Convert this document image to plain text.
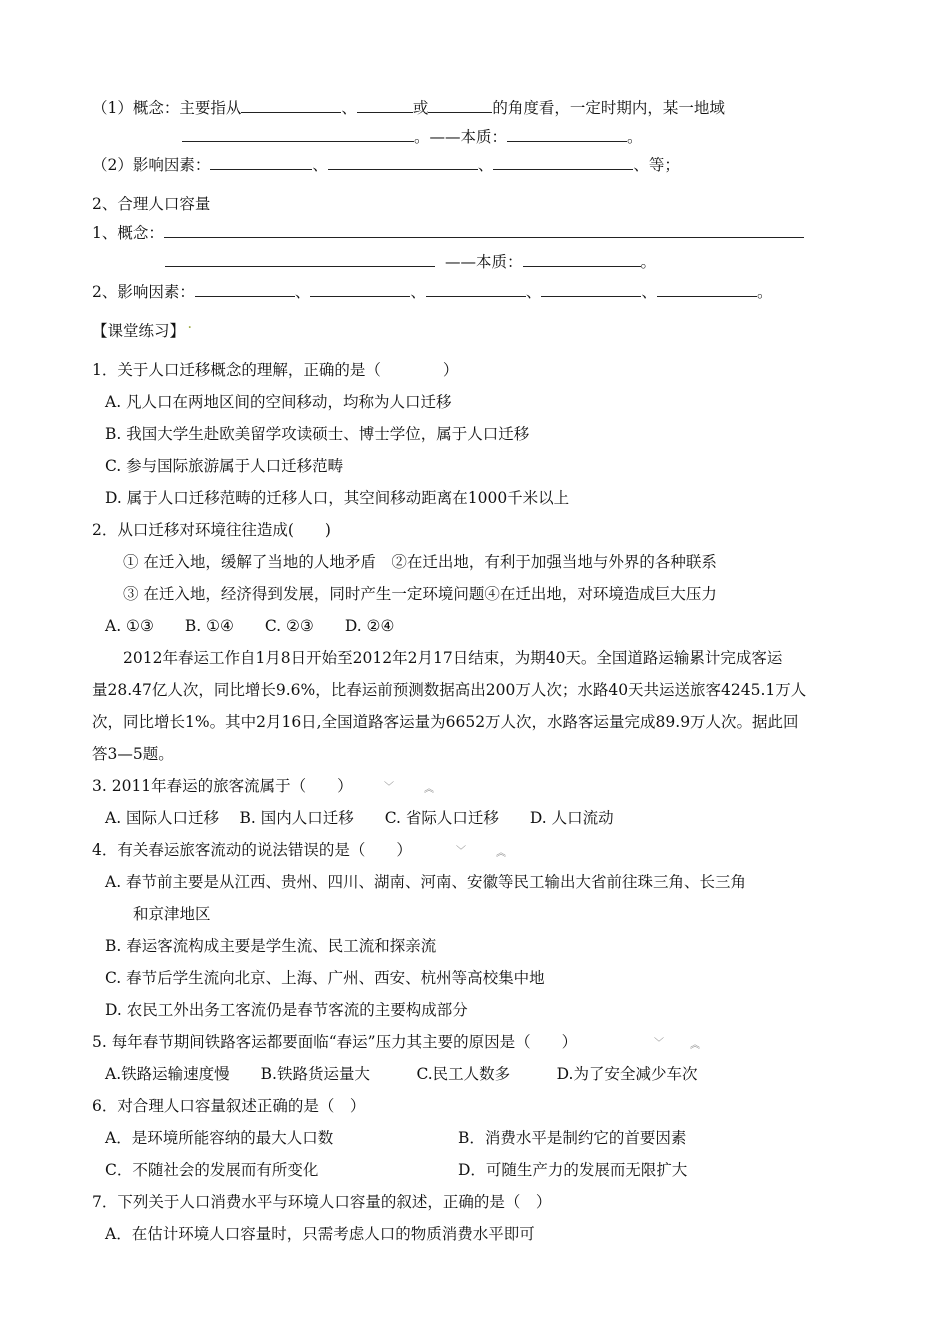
（1）概念：主要指从	、	或	的角度看，一定时期内，某一地域
。——本质：	。
（2）影响因素：	、	、	、等；
2、合理人口容量
1、概念：
——本质：	。
2、影响因素：	、	、	、	、	。
【课堂练习】
1．关于人口迁移概念的理解，正确的是（　　　　）
A. 凡人口在两地区间的空间移动，均称为人口迁移
B. 我国大学生赴欧美留学攻读硕士、博士学位，属于人口迁移
C. 参与国际旅游属于人口迁移范畴
D. 属于人口迁移范畴的迁移人口，其空间移动距离在1000千米以上
2．从口迁移对环境往往造成(　　)
① 在迁入地，缓解了当地的人地矛盾　②在迁出地，有利于加强当地与外界的各种联系
③ 在迁入地，经济得到发展，同时产生一定环境问题④在迁出地，对环境造成巨大压力
A. ①③　　B. ①④　　C. ②③　　D. ②④
2012年春运工作自1月8日开始至2012年2月17日结束，为期40天。全国道路运输累计完成客运
量28.47亿人次，同比增长9.6%，比春运前预测数据高出200万人次；水路40天共运送旅客4245.1万人
次，同比增长1%。其中2月16日,全国道路客运量为6652万人次，水路客运量完成89.9万人次。据此回
答3—5题。
3. 2011年春运的旅客流属于（　　）
A. 国际人口迁移　 B. 国内人口迁移　　C. 省际人口迁移　　D. 人口流动
4．有关春运旅客流动的说法错误的是（　　）
A. 春节前主要是从江西、贵州、四川、湖南、河南、安徽等民工输出大省前往珠三角、长三角
和京津地区
B. 春运客流构成主要是学生流、民工流和探亲流
C. 春节后学生流向北京、上海、广州、西安、杭州等高校集中地
D. 农民工外出务工客流仍是春节客流的主要构成部分
5. 每年春节期间铁路客运都要面临“春运”压力其主要的原因是（　　）
A.铁路运输速度慢　　B.铁路货运量大　　　C.民工人数多　　　D.为了安全减少车次
6．对合理人口容量叙述正确的是（　）
A．是环境所能容纳的最大人口数	B．消费水平是制约它的首要因素
C．不随社会的发展而有所变化	D．可随生产力的发展而无限扩大
7．下列关于人口消费水平与环境人口容量的叙述，正确的是（　）
A．在估计环境人口容量时，只需考虑人口的物质消费水平即可
﹀	︽
﹀	︽
﹀	︽
.
